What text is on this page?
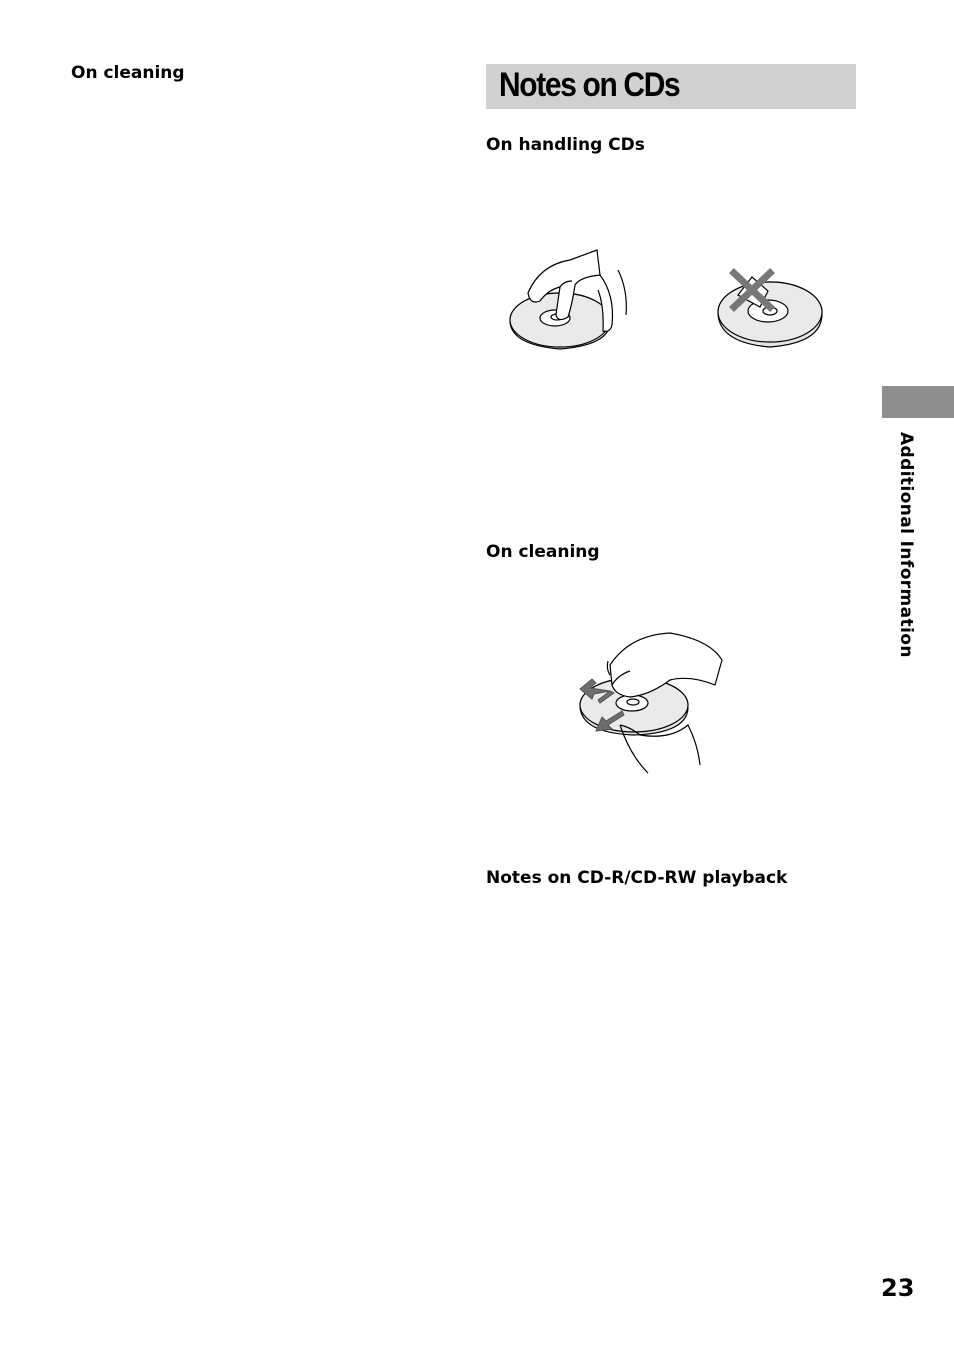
On cleaning	Notes on CDs
On handling CDs
On cleaning
Notes on CD-R/CD-RW playback
Additional Information
23
